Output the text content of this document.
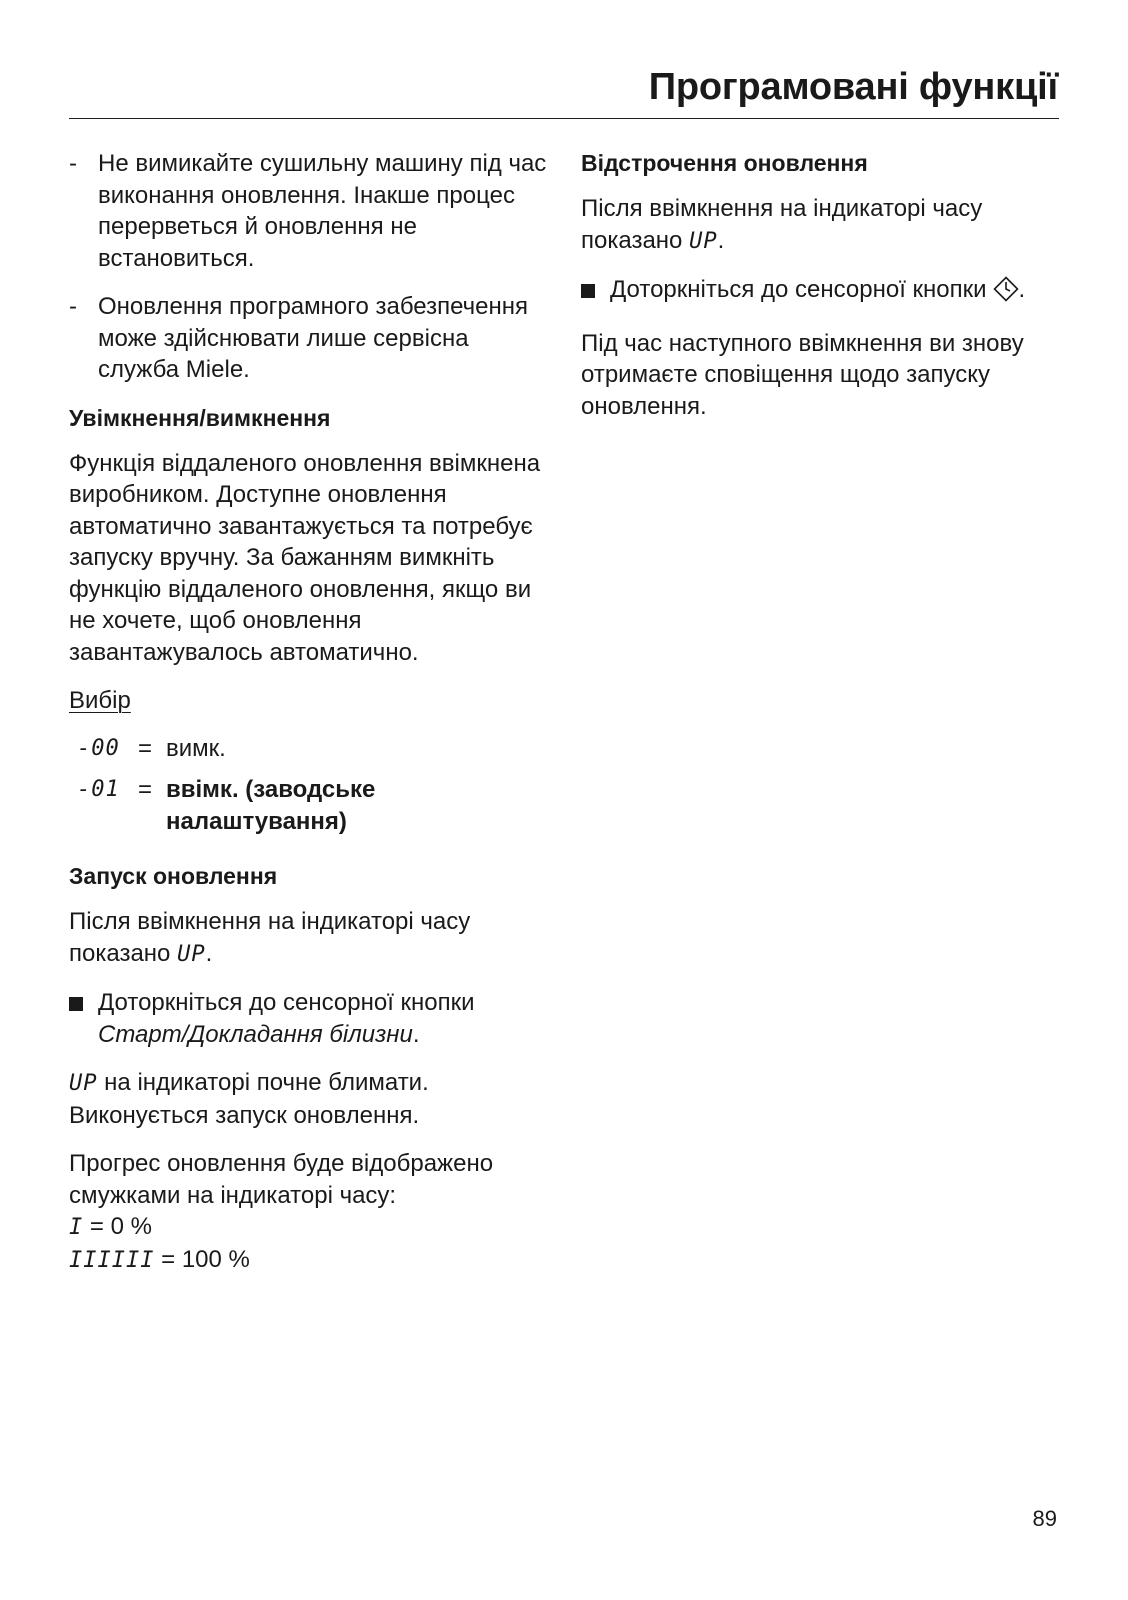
Програмовані функції
- Не вимикайте сушильну машину під час виконання оновлення. Інакше процес перерветься й оновлення не встановиться.
- Оновлення програмного забезпечення може здійснювати лише сервісна служба Miele.
Увімкнення/вимкнення
Функція віддаленого оновлення ввімкнена виробником. Доступне оновлення автоматично завантажується та потребує запуску вручну. За бажанням вимкніть функцію віддаленого оновлення, якщо ви не хочете, щоб оновлення завантажувалось автоматично.
Вибір
-00 = вимк.
-01 = ввімк. (заводське налаштування)
Запуск оновлення
Після ввімкнення на індикаторі часу показано UP.
Доторкніться до сенсорної кнопки Старт/Докладання білизни.
UP на індикаторі почне блимати. Виконується запуск оновлення.
Прогрес оновлення буде відображено смужками на індикаторі часу:
I = 0 %
IIIIII = 100 %
Відстрочення оновлення
Після ввімкнення на індикаторі часу показано UP.
Доторкніться до сенсорної кнопки .
Під час наступного ввімкнення ви знову отримаєте сповіщення щодо запуску оновлення.
89
